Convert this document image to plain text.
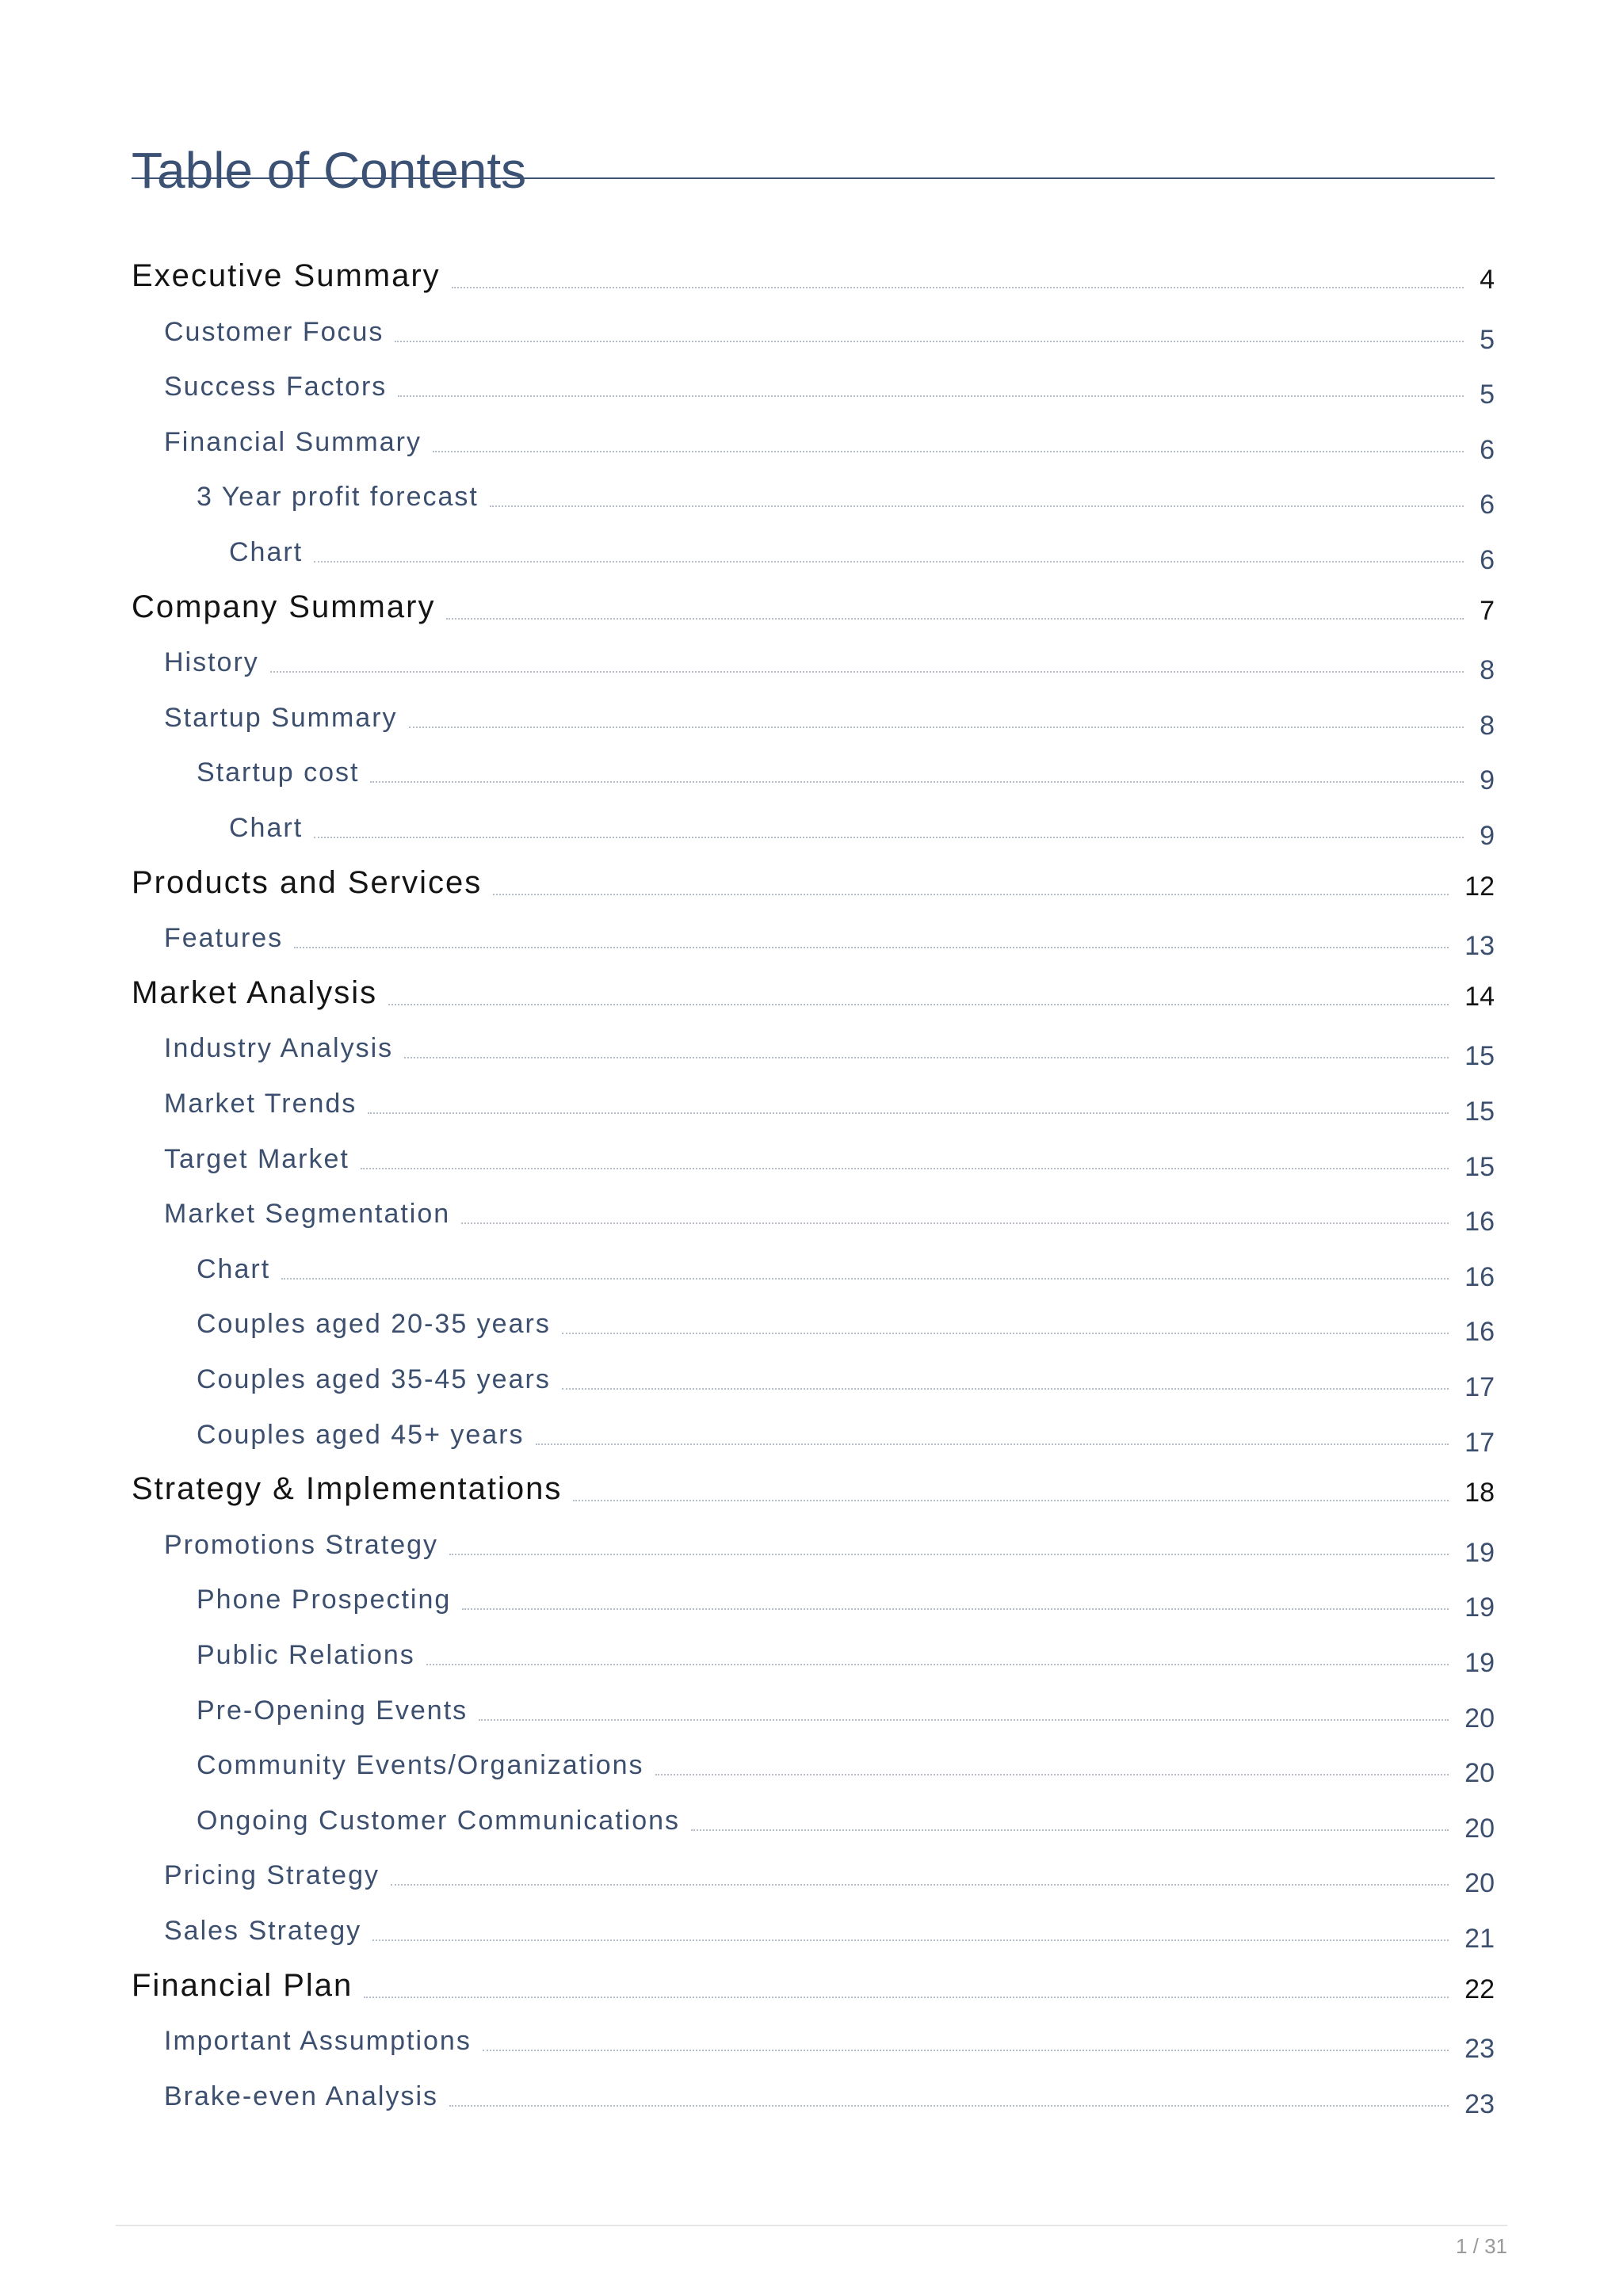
Table of Contents
Executive Summary	4
Customer Focus	5
Success Factors	5
Financial Summary	6
3 Year profit forecast	6
Chart	6
Company Summary	7
History	8
Startup Summary	8
Startup cost	9
Chart	9
Products and Services	12
Features	13
Market Analysis	14
Industry Analysis	15
Market Trends	15
Target Market	15
Market Segmentation	16
Chart	16
Couples aged 20-35 years	16
Couples aged 35-45 years	17
Couples aged 45+ years	17
Strategy & Implementations	18
Promotions Strategy	19
Phone Prospecting	19
Public Relations	19
Pre-Opening Events	20
Community Events/Organizations	20
Ongoing Customer Communications	20
Pricing Strategy	20
Sales Strategy	21
Financial Plan	22
Important Assumptions	23
Brake-even Analysis	23
1 / 31
